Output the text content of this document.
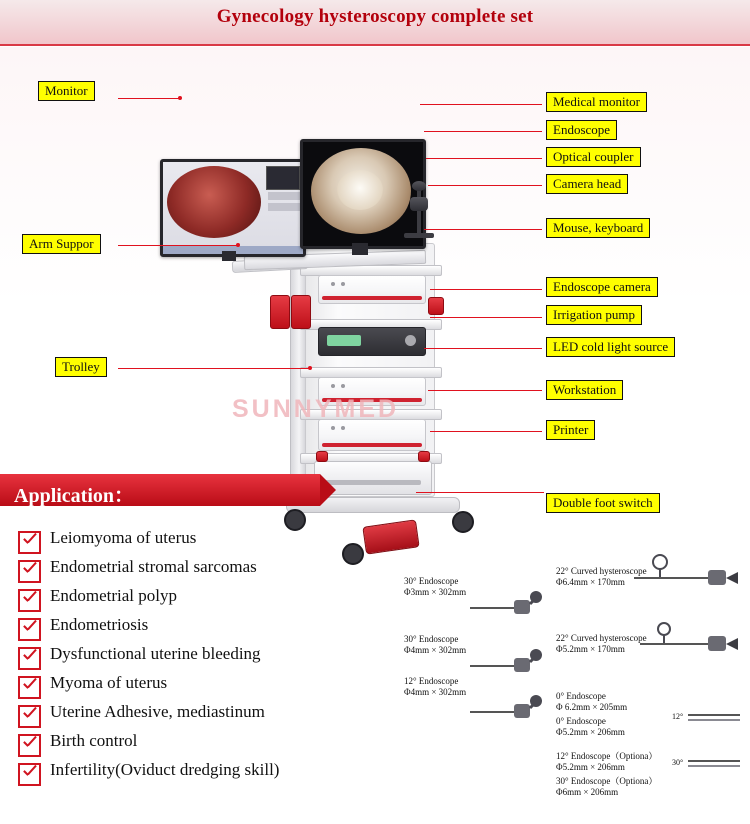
Gynecology hysteroscopy complete set
SUNNYMED
Monitor
Arm Suppor
Trolley
Medical monitor
Endoscope
Optical coupler
Camera head
Mouse, keyboard
Endoscope camera
Irrigation pump
LED cold light source
Workstation
Printer
Double foot switch
Application：
Leiomyoma of uterus
Endometrial stromal sarcomas
Endometrial polyp
Endometriosis
Dysfunctional uterine bleeding
Myoma of uterus
Uterine Adhesive, mediastinum
Birth control
Infertility(Oviduct dredging skill)
30° Endoscope
Φ3mm × 302mm
30° Endoscope
Φ4mm × 302mm
12° Endoscope
Φ4mm × 302mm
22° Curved hysteroscope
Φ6.4mm × 170mm
22° Curved hysteroscope
Φ5.2mm × 170mm
0° Endoscope
Φ 6.2mm × 205mm
0° Endoscope
Φ5.2mm × 206mm
12° Endoscope（Optiona）
Φ5.2mm × 206mm
30° Endoscope（Optiona）
Φ6mm × 206mm
12°
30°
